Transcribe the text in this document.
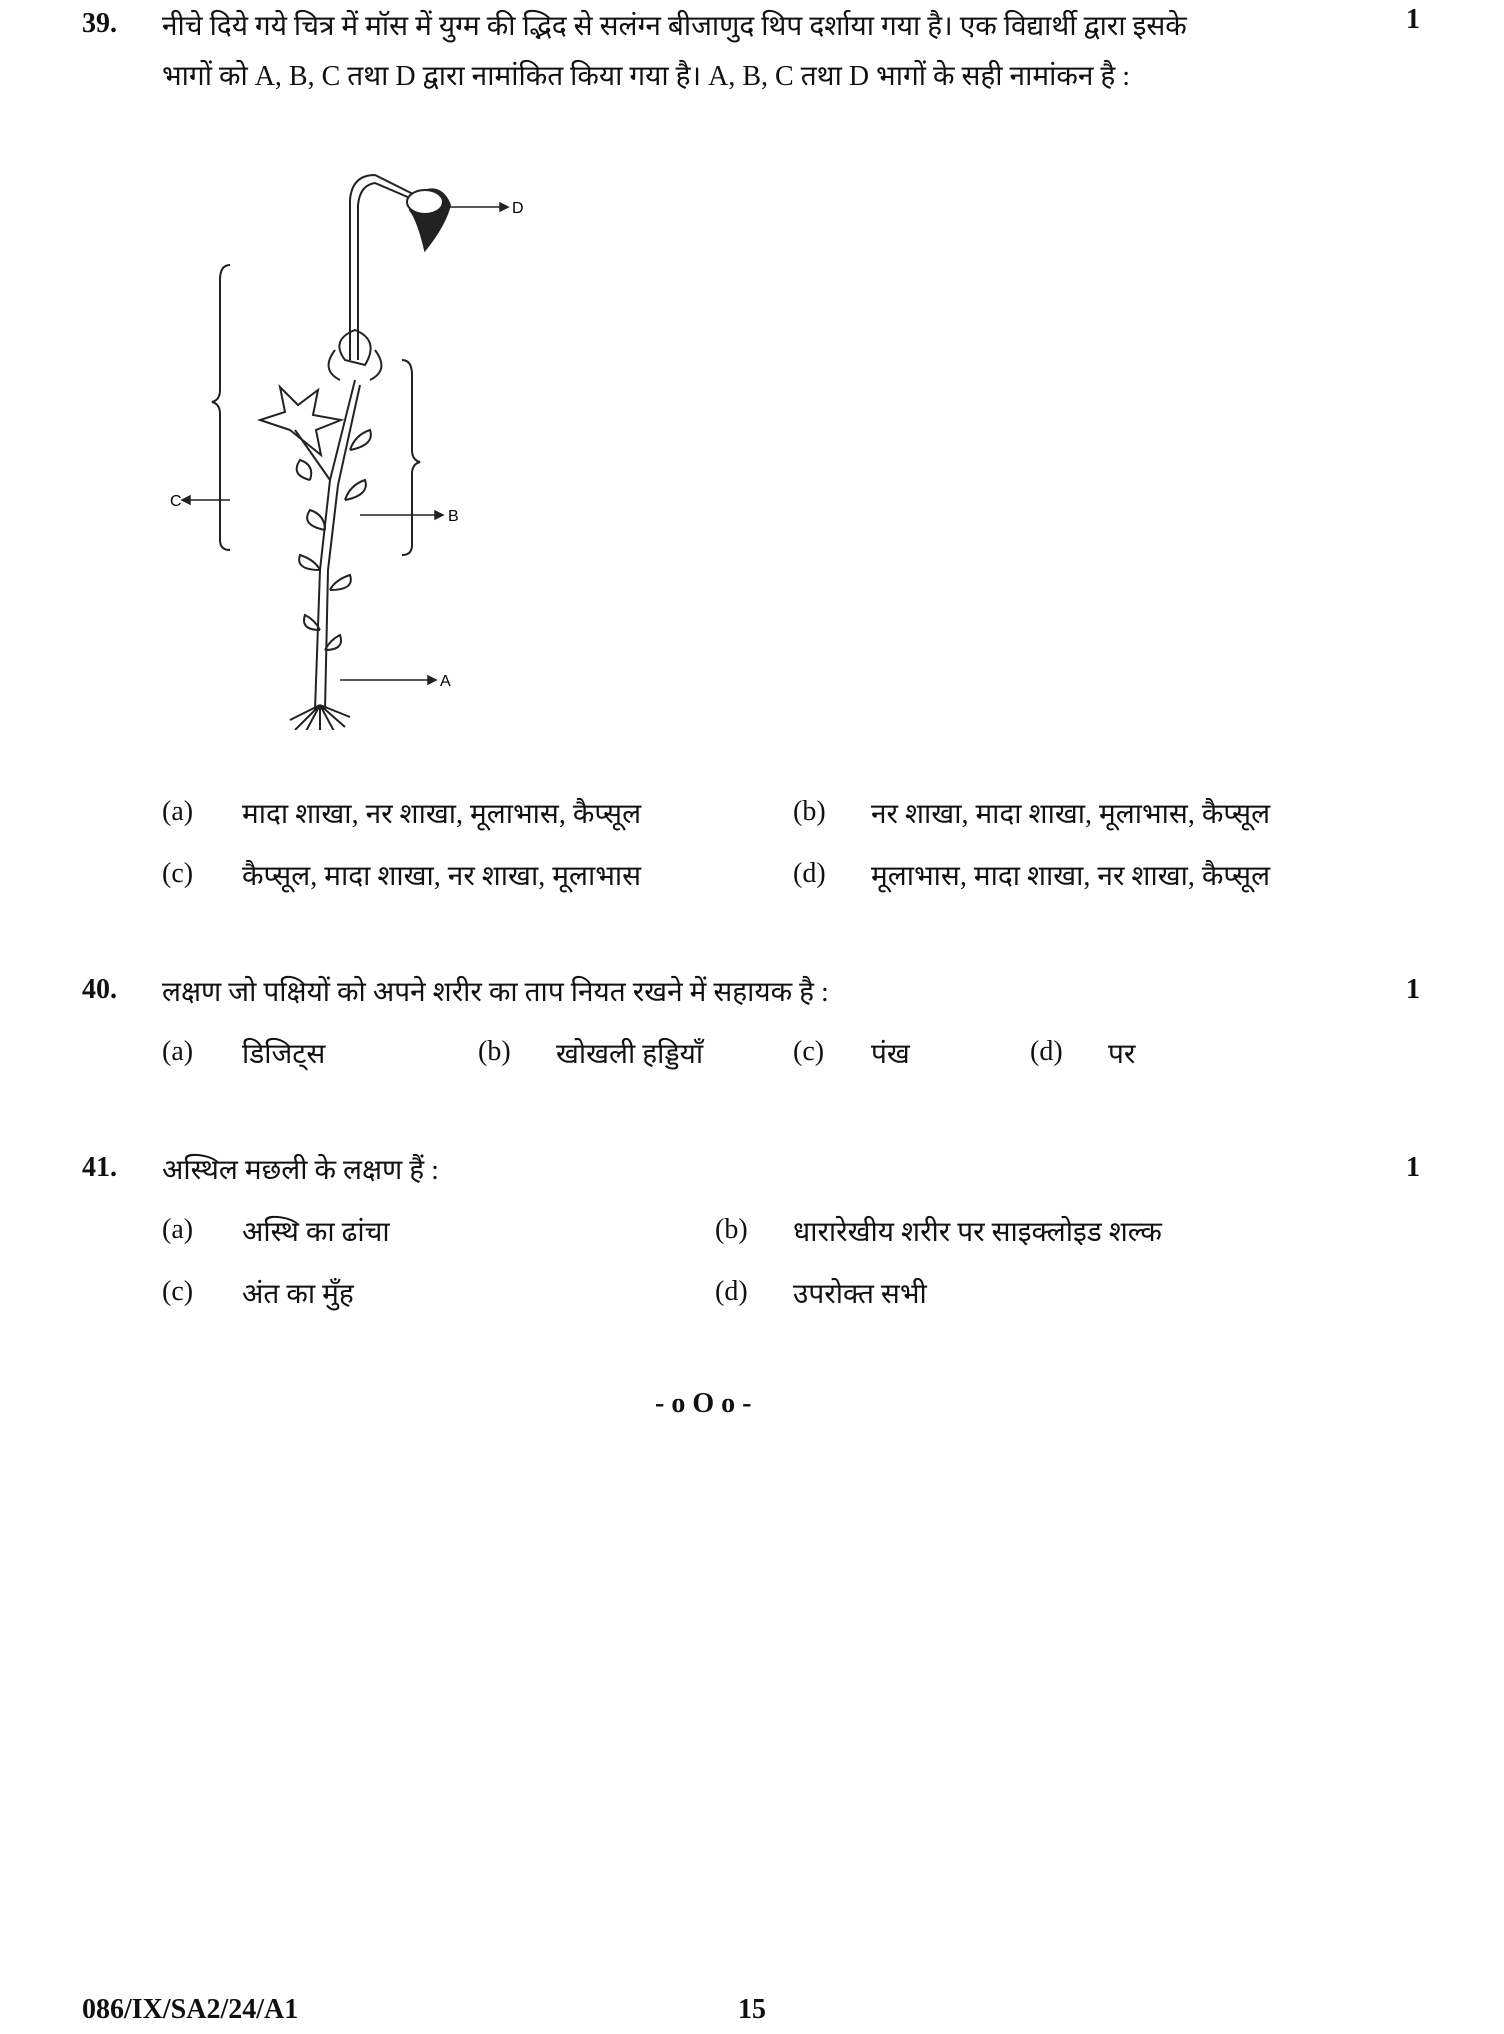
39. नीचे दिये गये चित्र में मॉस में युग्म की द्भिद से सलंग्न बीजाणुद थिप दर्शाया गया है। एक विद्यार्थी द्वारा इसके
भागों को A, B, C तथा D द्वारा नामांकित किया गया है। A, B, C तथा D भागों के सही नामांकन है :
1
D
B
C
A
(a) मादा शाखा, नर शाखा, मूलाभास, कैप्सूल	(b) नर शाखा, मादा शाखा, मूलाभास, कैप्सूल
(c) कैप्सूल, मादा शाखा, नर शाखा, मूलाभास	(d) मूलाभास, मादा शाखा, नर शाखा, कैप्सूल
40. लक्षण जो पक्षियों को अपने शरीर का ताप नियत रखने में सहायक है :	1
(a) डिजिट्स	(b) खोखली हड्डियाँ	(c) पंख	(d) पर
41. अस्थिल मछली के लक्षण हैं :	1
(a) अस्थि का ढांचा	(b) धारारेखीय शरीर पर साइक्लोइड शल्क
(c) अंत का मुँह	(d) उपरोक्त सभी
- o O o -
086/IX/SA2/24/A1	15
